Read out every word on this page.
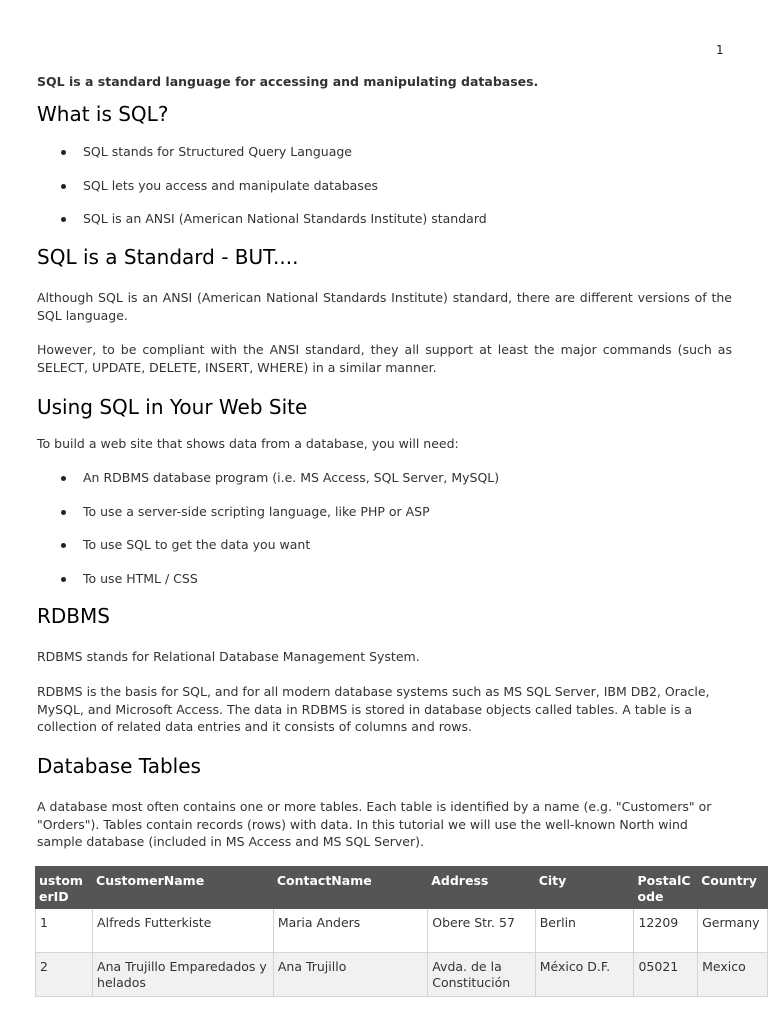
1
SQL is a standard language for accessing and manipulating databases.
What is SQL?
SQL stands for Structured Query Language
SQL lets you access and manipulate databases
SQL is an ANSI (American National Standards Institute) standard
SQL is a Standard - BUT....

Although SQL is an ANSI (American National Standards Institute) standard, there are different versions of the SQL language.

However, to be compliant with the ANSI standard, they all support at least the major commands (such as SELECT, UPDATE, DELETE, INSERT, WHERE) in a similar manner.

Using SQL in Your Web Site

To build a web site that shows data from a database, you will need:

An RDBMS database program (i.e. MS Access, SQL Server, MySQL)
To use a server-side scripting language, like PHP or ASP
To use SQL to get the data you want
To use HTML / CSS
RDBMS

RDBMS stands for Relational Database Management System.

RDBMS is the basis for SQL, and for all modern database systems such as MS SQL Server, IBM DB2, Oracle, MySQL, and Microsoft Access. The data in RDBMS is stored in database objects called tables. A table is a collection of related data entries and it consists of columns and rows.

Database Tables

A database most often contains one or more tables. Each table is identified by a name (e.g. "Customers" or "Orders"). Tables contain records (rows) with data. In this tutorial we will use the well-known North wind sample database (included in MS Access and MS SQL Server).

ustom erID	CustomerName	ContactName	Address	City	PostalC ode	Country
1	Alfreds Futterkiste	Maria Anders	Obere Str. 57	Berlin	12209	Germany
2	Ana Trujillo Emparedados y helados	Ana Trujillo	Avda. de la Constitución	México D.F.	05021	Mexico
